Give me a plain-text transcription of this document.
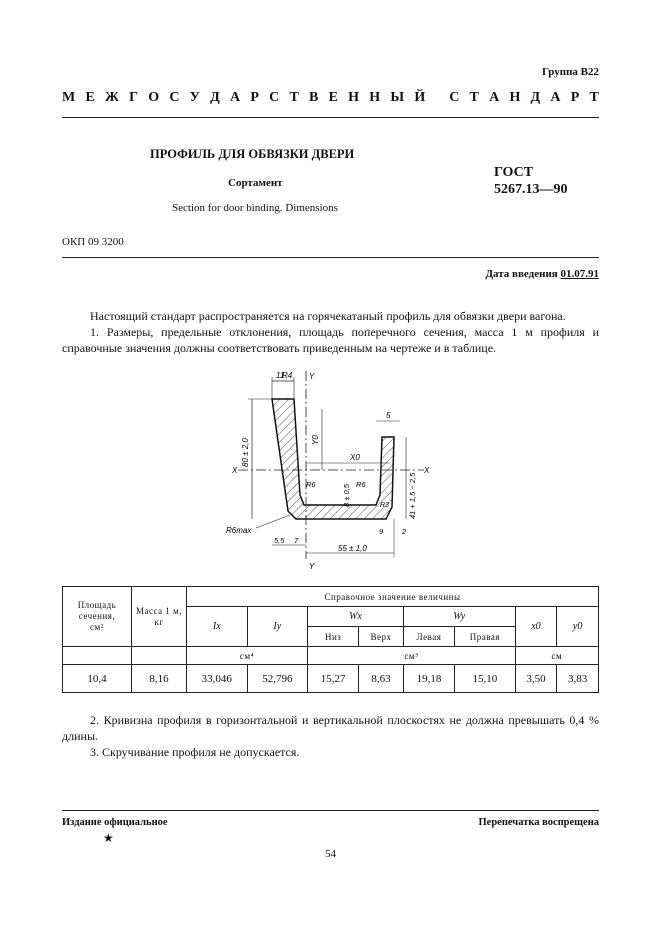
Группа В22
М Е Ж Г О С У Д А Р С Т В Е Н Н Ы Й
С Т А Н Д А Р Т
ПРОФИЛЬ ДЛЯ ОБВЯЗКИ ДВЕРИ
Сортамент
Section for door binding. Dimensions
ГОСТ
5267.13—90
ОКП 09 3200
Дата введения 01.07.91

Настоящий стандарт распространяется на горячекатаный профиль для обвязки двери вагона.

1. Размеры, предельные отклонения, площадь поперечного сечения, масса 1 м профиля и справочные значения должны соответствовать приведенным на чертеже и в таблице.

11
R4 Y
Y
X	X
80 ± 2,0	Y0
X0
5
R6	R6
R3
8 ± 0,5	41 + 1,5 − 2,5
9	2
R6max
5,5 7
55 ± 1,0
Площадь сечения,
см²	Масса 1 м, кг	Справочное значение величины							
		Ix	Iy	Wx		Wy		x0	y0
				Низ	Верх	Левая	Правая		
		см⁴		см³				см	
10,4	8,16	33,046	52,796	15,27	8,63	19,18	15,10	3,50	3,83

2. Кривизна профиля в горизонтальной и вертикальной плоскостях не должна превышать 0,4 % длины.

3. Скручивание профиля не допускается.

Издание официальное	Перепечатка воспрещена
★
54
